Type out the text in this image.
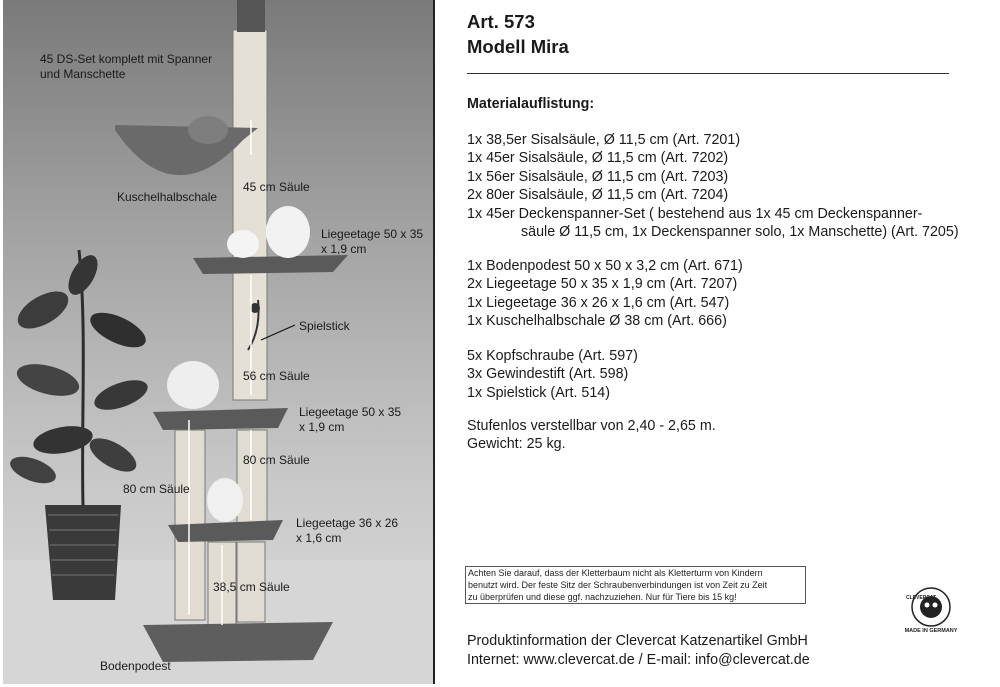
45 DS-Set komplett mit Spanner
und Manschette
Kuschelhalbschale
45 cm Säule
Liegeetage 50 x 35
x 1,9 cm
Spielstick
56 cm Säule
Liegeetage 50 x 35
x 1,9 cm
80 cm Säule
80 cm Säule
Liegeetage 36 x 26
x 1,6 cm
38,5 cm Säule
Bodenpodest
Art. 573
Modell Mira
Materialauflistung:
1x 38,5er Sisalsäule, Ø 11,5 cm (Art. 7201)
1x 45er Sisalsäule, Ø 11,5 cm (Art. 7202)
1x 56er Sisalsäule, Ø 11,5 cm (Art. 7203)
2x 80er Sisalsäule, Ø 11,5 cm (Art. 7204)
1x 45er Deckenspanner-Set ( bestehend aus 1x 45 cm Deckenspanner-
säule Ø 11,5 cm, 1x Deckenspanner solo, 1x Manschette) (Art. 7205)
1x Bodenpodest 50 x 50 x 3,2 cm (Art. 671)
2x Liegeetage 50 x 35 x 1,9 cm (Art. 7207)
1x Liegeetage 36 x 26 x 1,6 cm (Art. 547)
1x Kuschelhalbschale Ø 38 cm (Art. 666)
5x Kopfschraube (Art. 597)
3x Gewindestift (Art. 598)
1x Spielstick (Art. 514)
Stufenlos verstellbar von 2,40 - 2,65 m.
Gewicht: 25 kg.
Achten Sie darauf, dass der Kletterbaum nicht als Kletterturm von Kindern
benutzt wird. Der feste Sitz der Schraubenverbindungen ist von Zeit zu Zeit
zu überprüfen und diese ggf. nachzuziehen. Nur für Tiere bis 15 kg!
MADE IN GERMANY
CLEVERCAT
Produktinformation der Clevercat Katzenartikel GmbH
Internet: www.clevercat.de / E-mail: info@clevercat.de
